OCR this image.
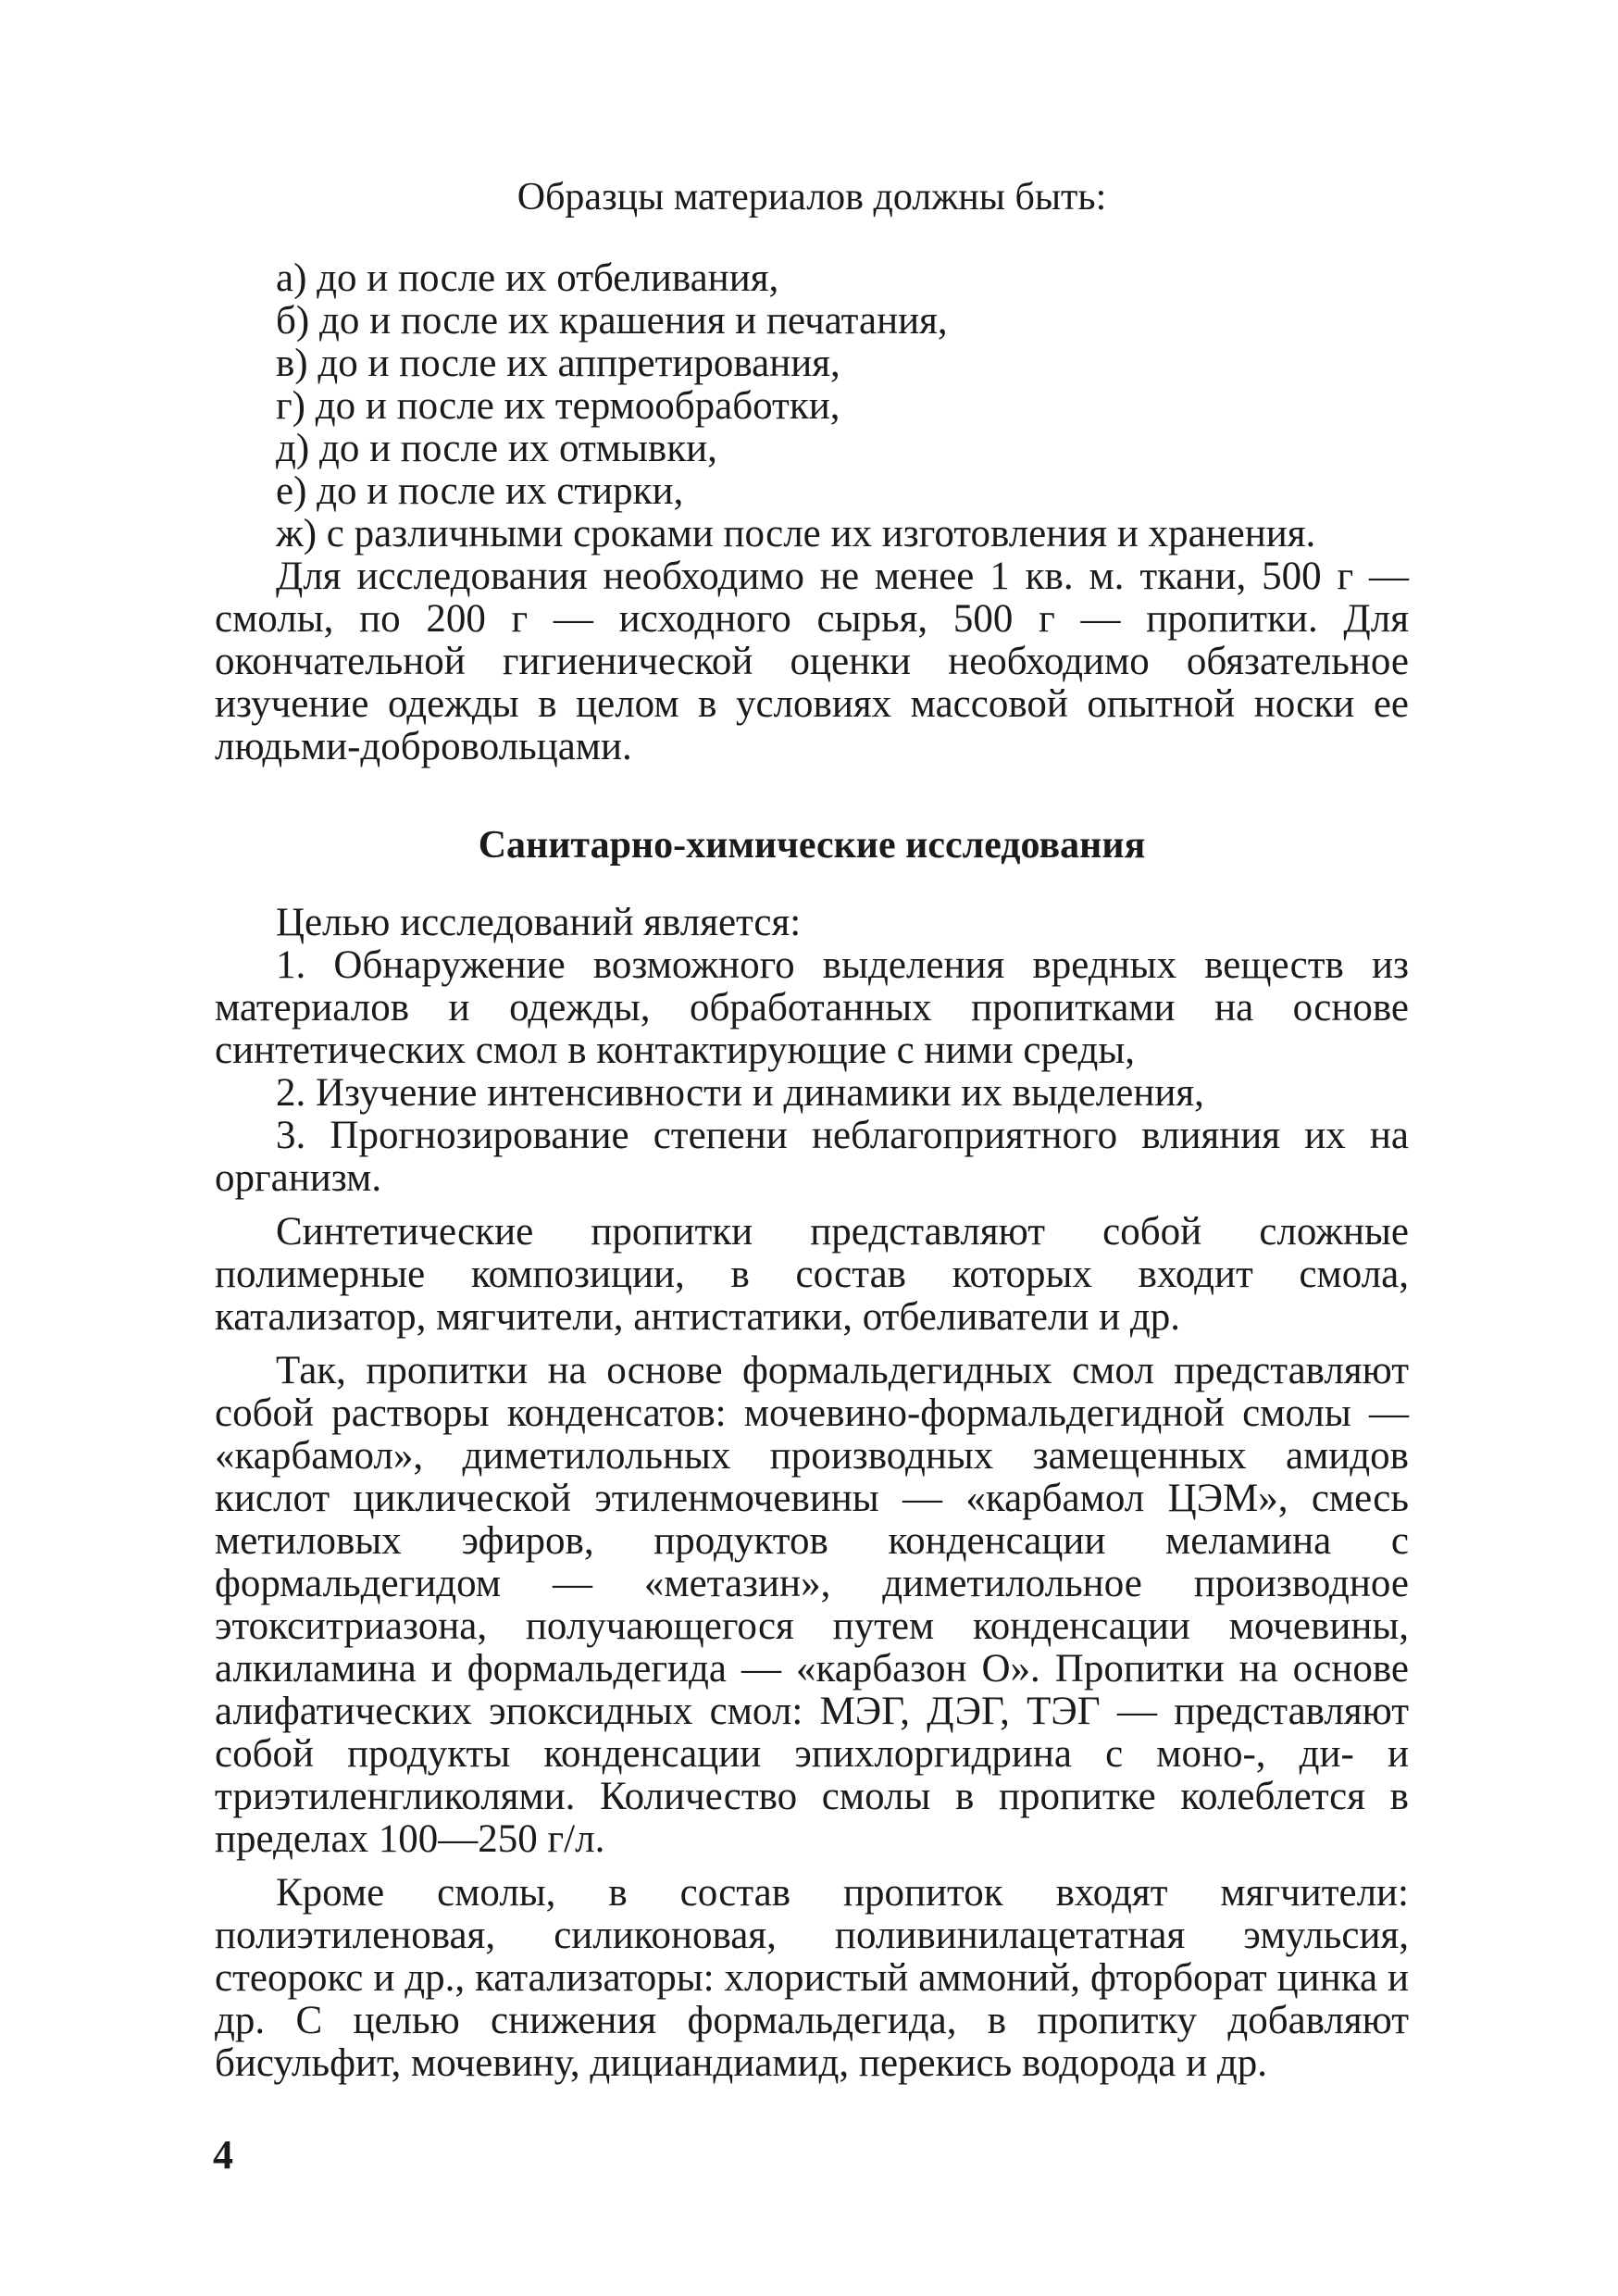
Образцы материалов должны быть:
а) до и после их отбеливания,
б) до и после их крашения и печатания,
в) до и после их аппретирования,
г) до и после их термообработки,
д) до и после их отмывки,
е) до и после их стирки,
ж) с различными сроками после их изготовления и хранения.

Для исследования необходимо не менее 1 кв. м. ткани, 500 г — смолы, по 200 г — исходного сырья, 500 г — пропитки. Для окончательной гигиенической оценки необходимо обязательное изучение одежды в целом в условиях массовой опытной носки ее людьми-добровольцами.

Санитарно-химические исследования

Целью исследований является:

1. Обнаружение возможного выделения вредных веществ из материалов и одежды, обработанных пропитками на основе синтетических смол в контактирующие с ними среды,

2. Изучение интенсивности и динамики их выделения,

3. Прогнозирование степени неблагоприятного влияния их на организм.

Синтетические пропитки представляют собой сложные полимерные композиции, в состав которых входит смола, катализатор, мягчители, антистатики, отбеливатели и др.

Так, пропитки на основе формальдегидных смол представляют собой растворы конденсатов: мочевино-формальдегидной смолы — «карбамол», диметилольных производных замещенных амидов кислот циклической этиленмочевины — «карбамол ЦЭМ», смесь метиловых эфиров, продуктов конденсации меламина с формальдегидом — «метазин», диметилольное производное этокситриазона, получающегося путем конденсации мочевины, алкиламина и формальдегида — «карбазон О». Пропитки на основе алифатических эпоксидных смол: МЭГ, ДЭГ, ТЭГ — представляют собой продукты конденсации эпихлоргидрина с моно-, ди- и триэтиленгликолями. Количество смолы в пропитке колеблется в пределах 100—250 г/л.

Кроме смолы, в состав пропиток входят мягчители: полиэтиленовая, силиконовая, поливинилацетатная эмульсия, стеорокс и др., катализаторы: хлористый аммоний, фторборат цинка и др. С целью снижения формальдегида, в пропитку добавляют бисульфит, мочевину, дициандиамид, перекись водорода и др.

4
